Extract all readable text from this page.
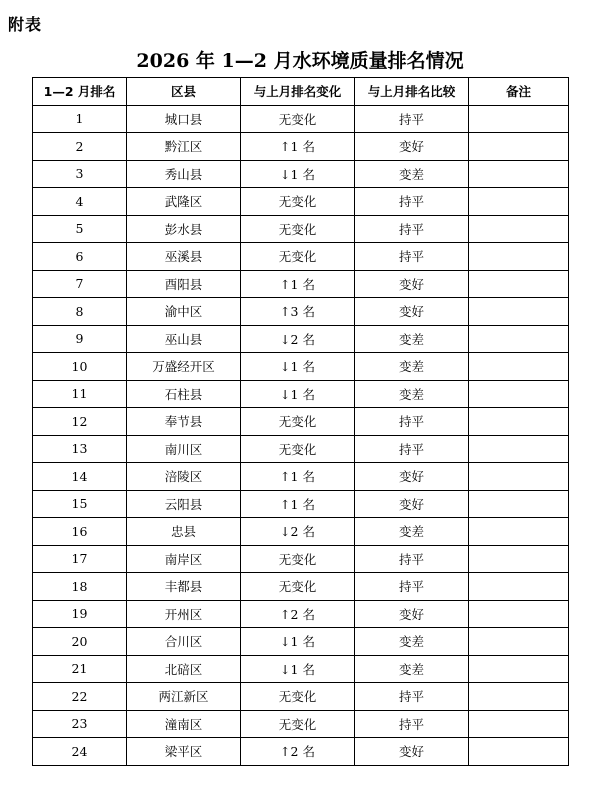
附表
2026 年 1—2 月水环境质量排名情况
1—2 月排名	区县	与上月排名变化	与上月排名比较	备注
1	城口县	无变化	持平	
2	黔江区	↑1 名	变好	
3	秀山县	↓1 名	变差	
4	武隆区	无变化	持平	
5	彭水县	无变化	持平	
6	巫溪县	无变化	持平	
7	酉阳县	↑1 名	变好	
8	渝中区	↑3 名	变好	
9	巫山县	↓2 名	变差	
10	万盛经开区	↓1 名	变差	
11	石柱县	↓1 名	变差	
12	奉节县	无变化	持平	
13	南川区	无变化	持平	
14	涪陵区	↑1 名	变好	
15	云阳县	↑1 名	变好	
16	忠县	↓2 名	变差	
17	南岸区	无变化	持平	
18	丰都县	无变化	持平	
19	开州区	↑2 名	变好	
20	合川区	↓1 名	变差	
21	北碚区	↓1 名	变差	
22	两江新区	无变化	持平	
23	潼南区	无变化	持平	
24	梁平区	↑2 名	变好	
